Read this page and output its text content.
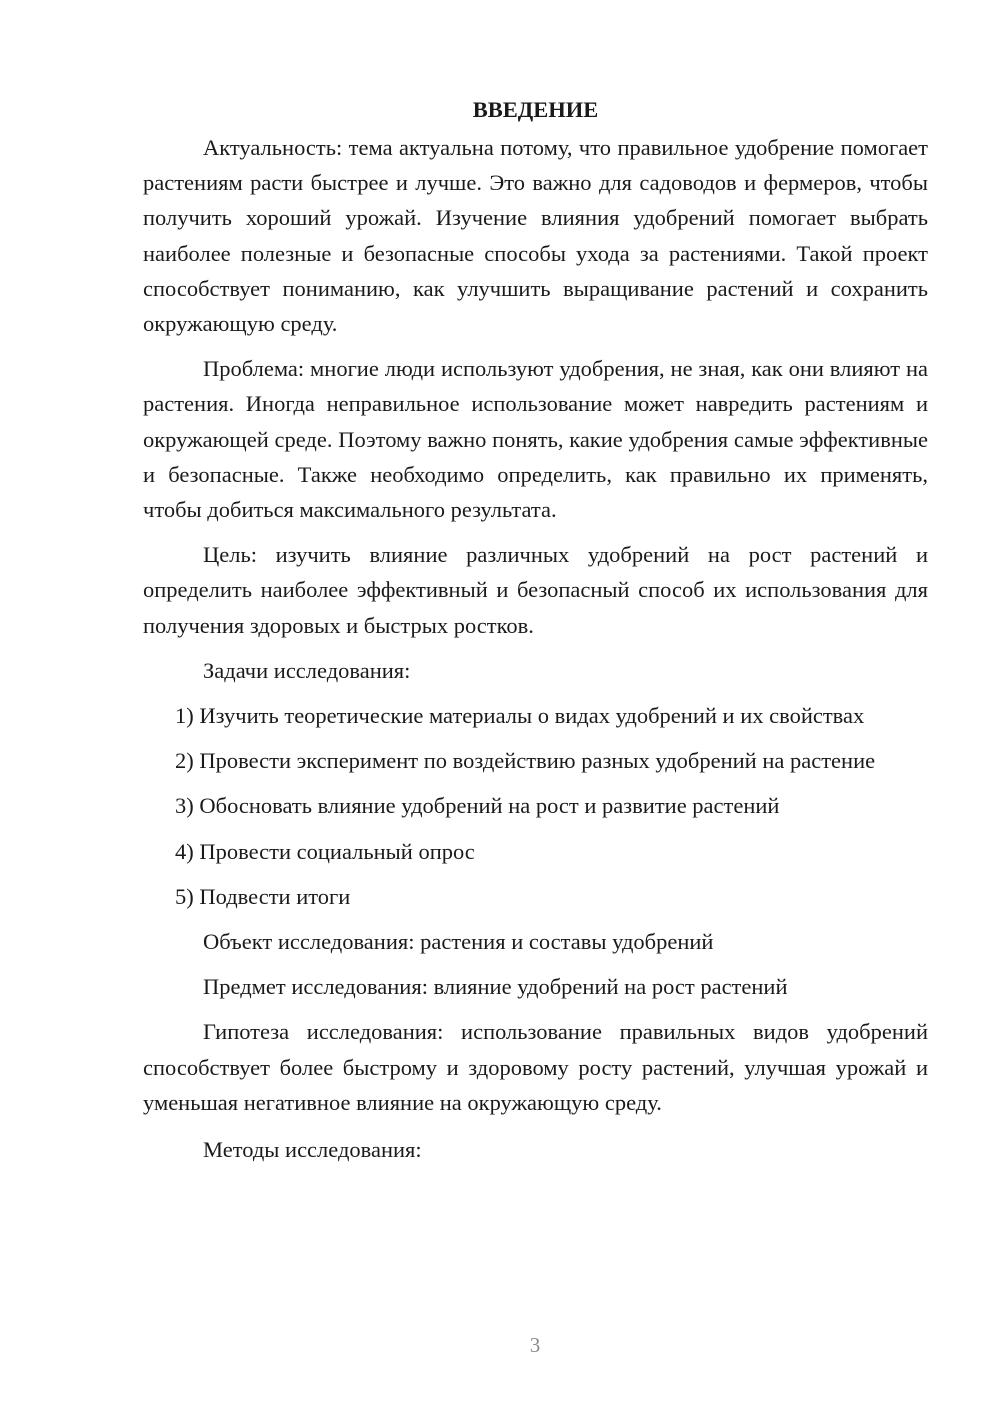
ВВЕДЕНИЕ

Актуальность: тема актуальна потому, что правильное удобрение помогает растениям расти быстрее и лучше. Это важно для садоводов и фермеров, чтобы получить хороший урожай. Изучение влияния удобрений помогает выбрать наиболее полезные и безопасные способы ухода за растениями. Такой проект способствует пониманию, как улучшить выращивание растений и сохранить окружающую среду.

Проблема: многие люди используют удобрения, не зная, как они влияют на растения. Иногда неправильное использование может навредить растениям и окружающей среде. Поэтому важно понять, какие удобрения самые эффективные и безопасные. Также необходимо определить, как правильно их применять, чтобы добиться максимального результата.

Цель: изучить влияние различных удобрений на рост растений и определить наиболее эффективный и безопасный способ их использования для получения здоровых и быстрых ростков.

Задачи исследования:

1) Изучить теоретические материалы о видах удобрений и их свойствах

2) Провести эксперимент по воздействию разных удобрений на растение

3) Обосновать влияние удобрений на рост и развитие растений

4) Провести социальный опрос

5) Подвести итоги

Объект исследования: растения и составы удобрений

Предмет исследования: влияние удобрений на рост растений

Гипотеза исследования: использование правильных видов удобрений способствует более быстрому и здоровому росту растений, улучшая урожай и уменьшая негативное влияние на окружающую среду.

Методы исследования:

3
